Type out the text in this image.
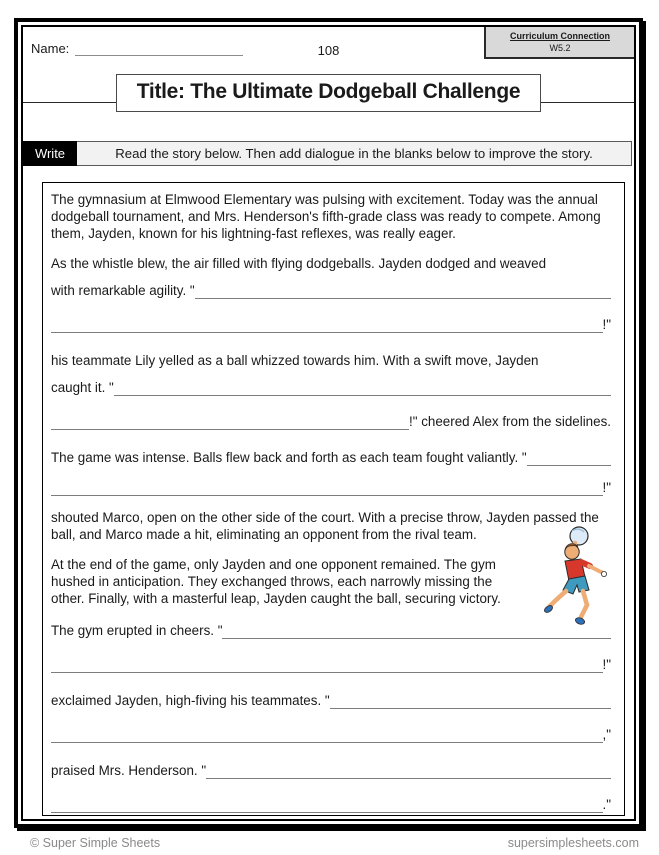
Name:	108
Curriculum Connection
W5.2
Title: The Ultimate Dodgeball Challenge
Write	Read the story below. Then add dialogue in the blanks below to improve the story.

The gymnasium at Elmwood Elementary was pulsing with excitement. Today was the annual dodgeball tournament, and Mrs. Henderson's fifth-grade class was ready to compete. Among them, Jayden, known for his lightning-fast reflexes, was really eager.

As the whistle blew, the air filled with flying dodgeballs. Jayden dodged and weaved

with remarkable agility. "
!"

his teammate Lily yelled as a ball whizzed towards him. With a swift move, Jayden

caught it. "
!" cheered Alex from the sidelines.
The game was intense. Balls flew back and forth as each team fought valiantly. "
!"

shouted Marco, open on the other side of the court. With a precise throw, Jayden passed the ball, and Marco made a hit, eliminating an opponent from the rival team.

At the end of the game, only Jayden and one opponent remained. The gym hushed in anticipation. They exchanged throws, each narrowly missing the other. Finally, with a masterful leap, Jayden caught the ball, securing victory.

The gym erupted in cheers. "
!"
exclaimed Jayden, high-fiving his teammates. "
,"
praised Mrs. Henderson. "
."
© Super Simple Sheets	supersimplesheets.com
